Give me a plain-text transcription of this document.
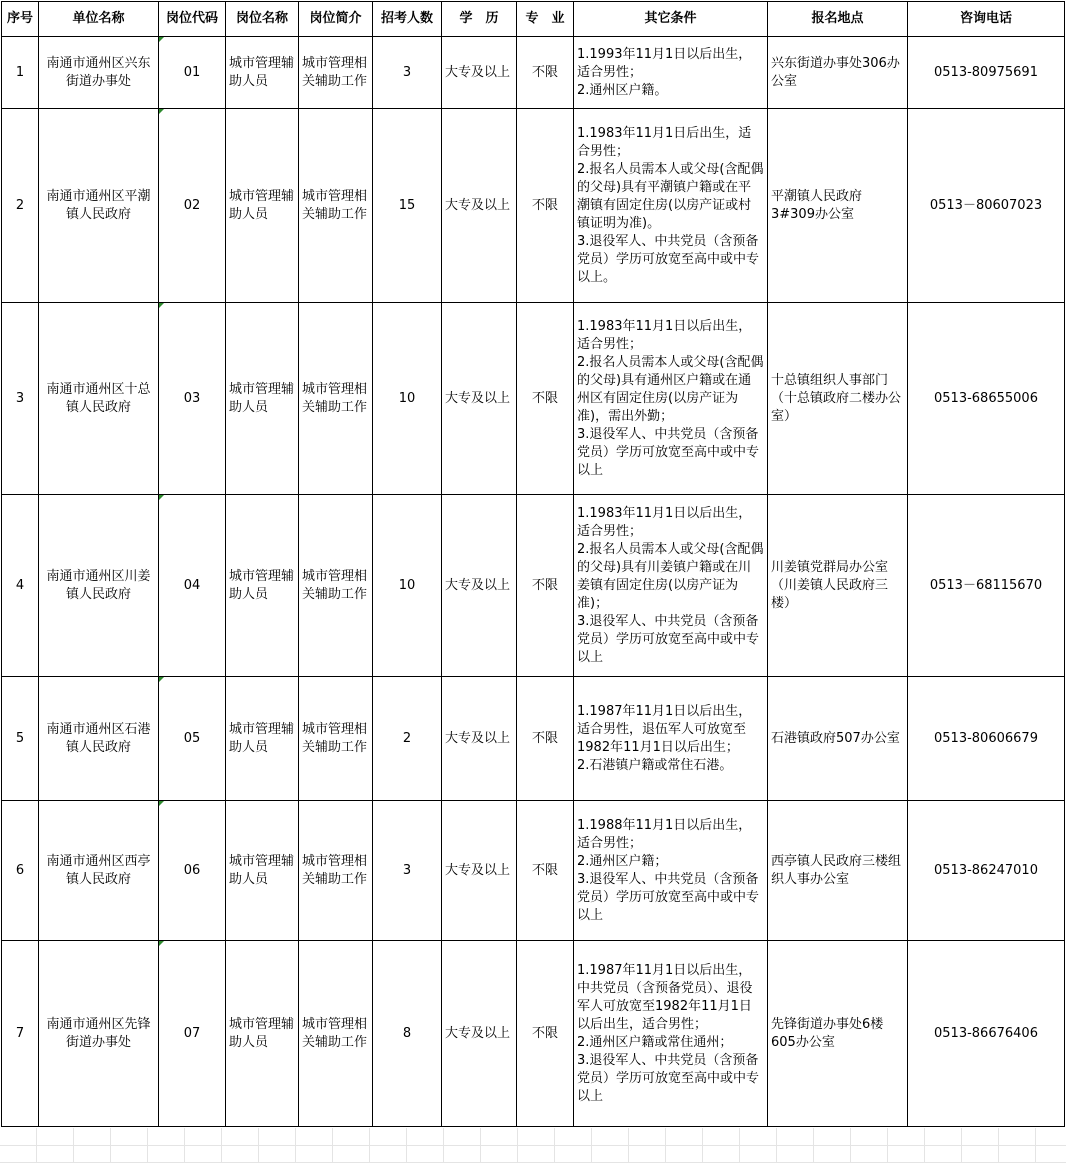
序号	单位名称	岗位代码	岗位名称	岗位简介	招考人数	学　历	专　业	其它条件	报名地点	咨询电话
1	南通市通州区兴东街道办事处	01	城市管理辅助人员	城市管理相关辅助工作	3	大专及以上	不限	1.1993年11月1日以后出生，适合男性；
2.通州区户籍。	兴东街道办事处306办公室	0513-80975691
2	南通市通州区平潮镇人民政府	02	城市管理辅助人员	城市管理相关辅助工作	15	大专及以上	不限	1.1983年11月1日后出生，适合男性；
2.报名人员需本人或父母(含配偶的父母)具有平潮镇户籍或在平潮镇有固定住房(以房产证或村镇证明为准)。
3.退役军人、中共党员（含预备党员）学历可放宽至高中或中专以上。	平潮镇人民政府3#309办公室	0513－80607023
3	南通市通州区十总镇人民政府	03	城市管理辅助人员	城市管理相关辅助工作	10	大专及以上	不限	1.1983年11月1日以后出生，适合男性；
2.报名人员需本人或父母(含配偶的父母)具有通州区户籍或在通州区有固定住房(以房产证为准)，需出外勤；
3.退役军人、中共党员（含预备党员）学历可放宽至高中或中专以上	十总镇组织人事部门（十总镇政府二楼办公室）	0513-68655006
4	南通市通州区川姜镇人民政府	04	城市管理辅助人员	城市管理相关辅助工作	10	大专及以上	不限	1.1983年11月1日以后出生，适合男性；
2.报名人员需本人或父母(含配偶的父母)具有川姜镇户籍或在川姜镇有固定住房(以房产证为准)；
3.退役军人、中共党员（含预备党员）学历可放宽至高中或中专以上	川姜镇党群局办公室（川姜镇人民政府三楼）	0513－68115670
5	南通市通州区石港镇人民政府	05	城市管理辅助人员	城市管理相关辅助工作	2	大专及以上	不限	1.1987年11月1日以后出生，适合男性，退伍军人可放宽至1982年11月1日以后出生；
2.石港镇户籍或常住石港。	石港镇政府507办公室	0513-80606679
6	南通市通州区西亭镇人民政府	06	城市管理辅助人员	城市管理相关辅助工作	3	大专及以上	不限	1.1988年11月1日以后出生，适合男性；
2.通州区户籍；
3.退役军人、中共党员（含预备党员）学历可放宽至高中或中专以上	西亭镇人民政府三楼组织人事办公室	0513-86247010
7	南通市通州区先锋街道办事处	07	城市管理辅助人员	城市管理相关辅助工作	8	大专及以上	不限	1.1987年11月1日以后出生，中共党员（含预备党员）、退役军人可放宽至1982年11月1日以后出生，适合男性；
2.通州区户籍或常住通州；
3.退役军人、中共党员（含预备党员）学历可放宽至高中或中专以上	先锋街道办事处6楼605办公室	0513-86676406
